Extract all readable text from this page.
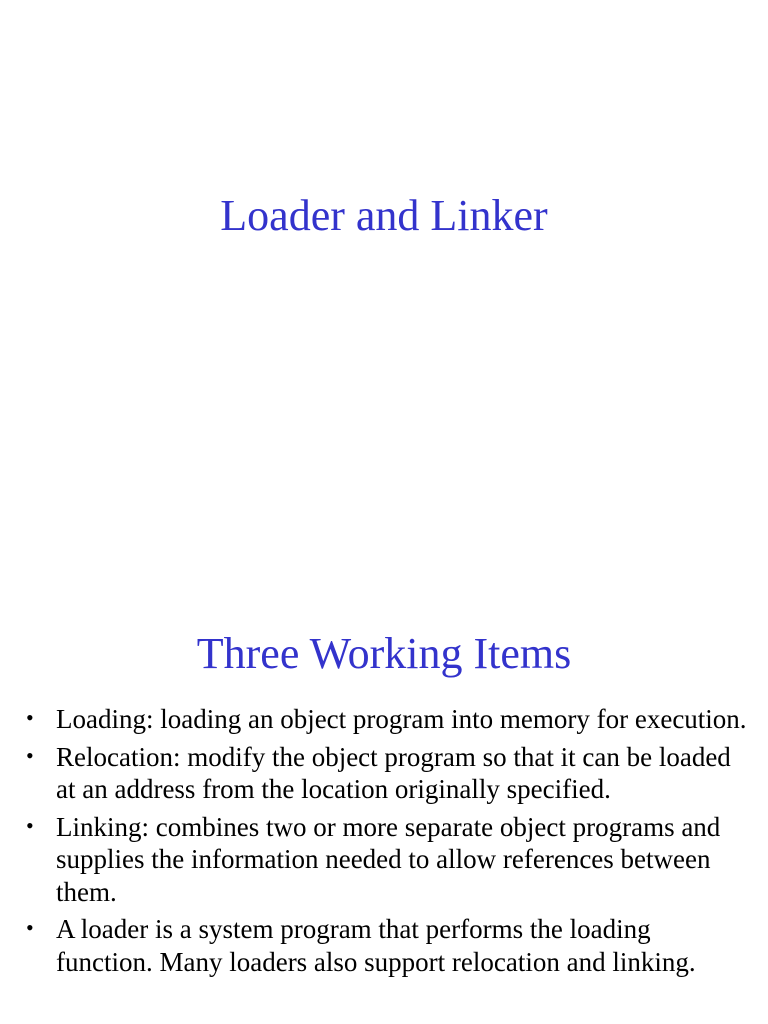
Loader and Linker
Three Working Items
• Loading: loading an object program into memory for execution.
• Relocation: modify the object program so that it can be loaded at an address from the location originally specified.
• Linking: combines two or more separate object programs and supplies the information needed to allow references between them.
• A loader is a system program that performs the loading function. Many loaders also support relocation and linking.
